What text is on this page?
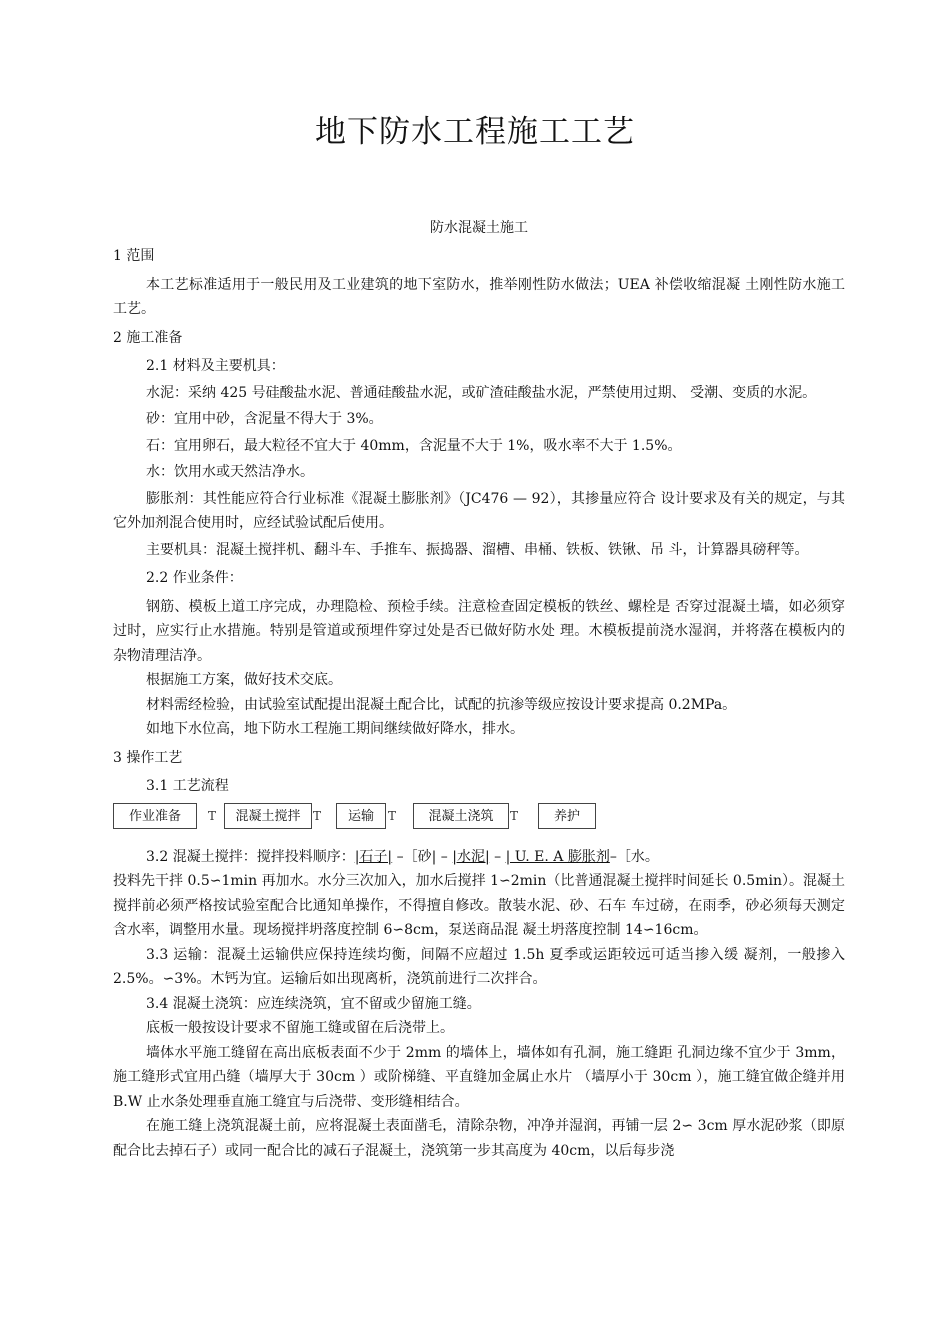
地下防水工程施工工艺
防水混凝土施工

1 范围

本工艺标准适用于一般民用及工业建筑的地下室防水，推举刚性防水做法；UEA 补偿收缩混凝 土刚性防水施工工艺。

2 施工准备

2.1 材料及主要机具：

水泥：采纳 425 号硅酸盐水泥、普通硅酸盐水泥，或矿渣硅酸盐水泥，严禁使用过期、 受潮、变质的水泥。

砂：宜用中砂，含泥量不得大于 3%。

石：宜用卵石，最大粒径不宜大于 40mm，含泥量不大于 1%，吸水率不大于 1.5%。

水：饮用水或天然洁净水。

膨胀剂：其性能应符合行业标准《混凝土膨胀剂》（JC476 — 92），其掺量应符合 设计要求及有关的规定，与其它外加剂混合使用时，应经试验试配后使用。

主要机具：混凝土搅拌机、翻斗车、手推车、振捣器、溜槽、串桶、铁板、铁锹、吊 斗，计算器具磅秤等。

2.2 作业条件：

钢筋、模板上道工序完成，办理隐检、预检手续。注意检查固定模板的铁丝、螺栓是 否穿过混凝土墙，如必须穿过时，应实行止水措施。特别是管道或预埋件穿过处是否已做好防水处 理。木模板提前浇水湿润，并将落在模板内的杂物清理洁净。

根据施工方案，做好技术交底。

材料需经检验，由试验室试配提出混凝土配合比，试配的抗渗等级应按设计要求提高 0.2MPa。

如地下水位高，地下防水工程施工期间继续做好降水，排水。

3 操作工艺

3.1 工艺流程

作业准备	T	混凝土搅拌	T	运输	T	混凝土浇筑	T	养护

3.2 混凝土搅拌：搅拌投料顺序：|石子| –［砂| – |水泥| – | U. E. A 膨胀剂–［水。

投料先干拌 0.5∽1min 再加水。水分三次加入，加水后搅拌 1∽2min（比普通混凝土搅拌时间延长 0.5min）。混凝土搅拌前必须严格按试验室配合比通知单操作，不得擅自修改。散装水泥、砂、石车 车过磅，在雨季，砂必须每天测定含水率，调整用水量。现场搅拌坍落度控制 6∽8cm，泵送商品混 凝土坍落度控制 14∽16cm。

3.3 运输：混凝土运输供应保持连续均衡，间隔不应超过 1.5h 夏季或运距较远可适当掺入缓 凝剂，一般掺入 2.5%。∽3%。木钙为宜。运输后如出现离析，浇筑前进行二次拌合。

3.4 混凝土浇筑：应连续浇筑，宜不留或少留施工缝。

底板一般按设计要求不留施工缝或留在后浇带上。

墙体水平施工缝留在高出底板表面不少于 2mm 的墙体上，墙体如有孔洞，施工缝距 孔洞边缘不宜少于 3mm，施工缝形式宜用凸缝（墙厚大于 30cm ）或阶梯缝、平直缝加金属止水片 （墙厚小于 30cm ），施工缝宜做企缝并用 B.W 止水条处理垂直施工缝宜与后浇带、变形缝相结合。

在施工缝上浇筑混凝土前，应将混凝土表面凿毛，清除杂物，冲净并湿润，再铺一层 2∽ 3cm 厚水泥砂浆（即原配合比去掉石子）或同一配合比的减石子混凝土，浇筑第一步其高度为 40cm，以后每步浇
